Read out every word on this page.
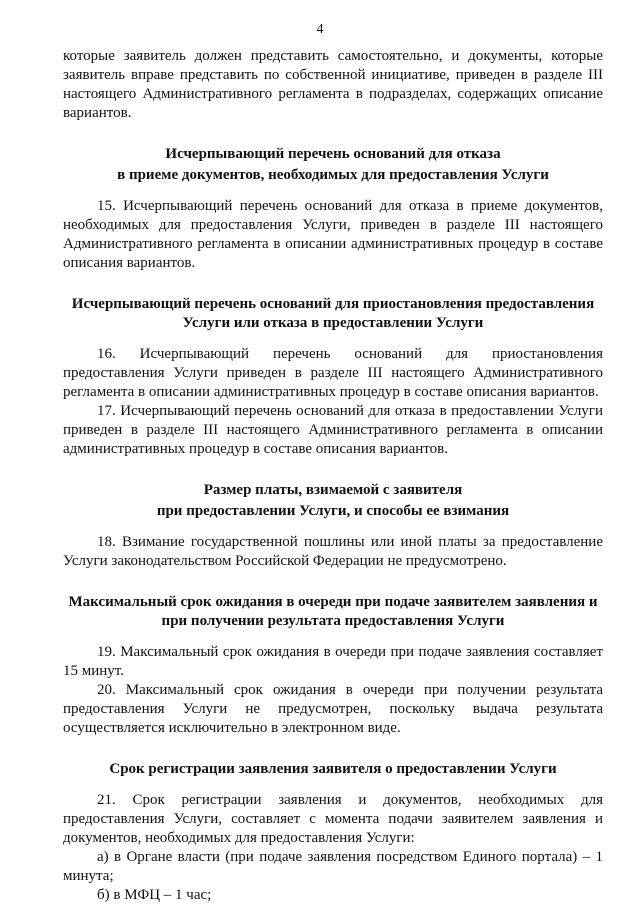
4

которые заявитель должен представить самостоятельно, и документы, которые заявитель вправе представить по собственной инициативе, приведен в разделе III настоящего Административного регламента в подразделах, содержащих описание вариантов.

Исчерпывающий перечень оснований для отказа
в приеме документов, необходимых для предоставления Услуги

15. Исчерпывающий перечень оснований для отказа в приеме документов, необходимых для предоставления Услуги, приведен в разделе III настоящего Административного регламента в описании административных процедур в составе описания вариантов.

Исчерпывающий перечень оснований для приостановления предоставления
Услуги или отказа в предоставлении Услуги

16. Исчерпывающий перечень оснований для приостановления предоставления Услуги приведен в разделе III настоящего Административного регламента в описании административных процедур в составе описания вариантов.

17. Исчерпывающий перечень оснований для отказа в предоставлении Услуги приведен в разделе III настоящего Административного регламента в описании административных процедур в составе описания вариантов.

Размер платы, взимаемой с заявителя
при предоставлении Услуги, и способы ее взимания

18. Взимание государственной пошлины или иной платы за предоставление Услуги законодательством Российской Федерации не предусмотрено.

Максимальный срок ожидания в очереди при подаче заявителем заявления и
при получении результата предоставления Услуги

19. Максимальный срок ожидания в очереди при подаче заявления составляет 15 минут.

20. Максимальный срок ожидания в очереди при получении результата предоставления Услуги не предусмотрен, поскольку выдача результата осуществляется исключительно в электронном виде.

Срок регистрации заявления заявителя о предоставлении Услуги

21. Срок регистрации заявления и документов, необходимых для предоставления Услуги, составляет с момента подачи заявителем заявления и документов, необходимых для предоставления Услуги:

а) в Органе власти (при подаче заявления посредством Единого портала) – 1 минута;

б) в МФЦ – 1 час;
